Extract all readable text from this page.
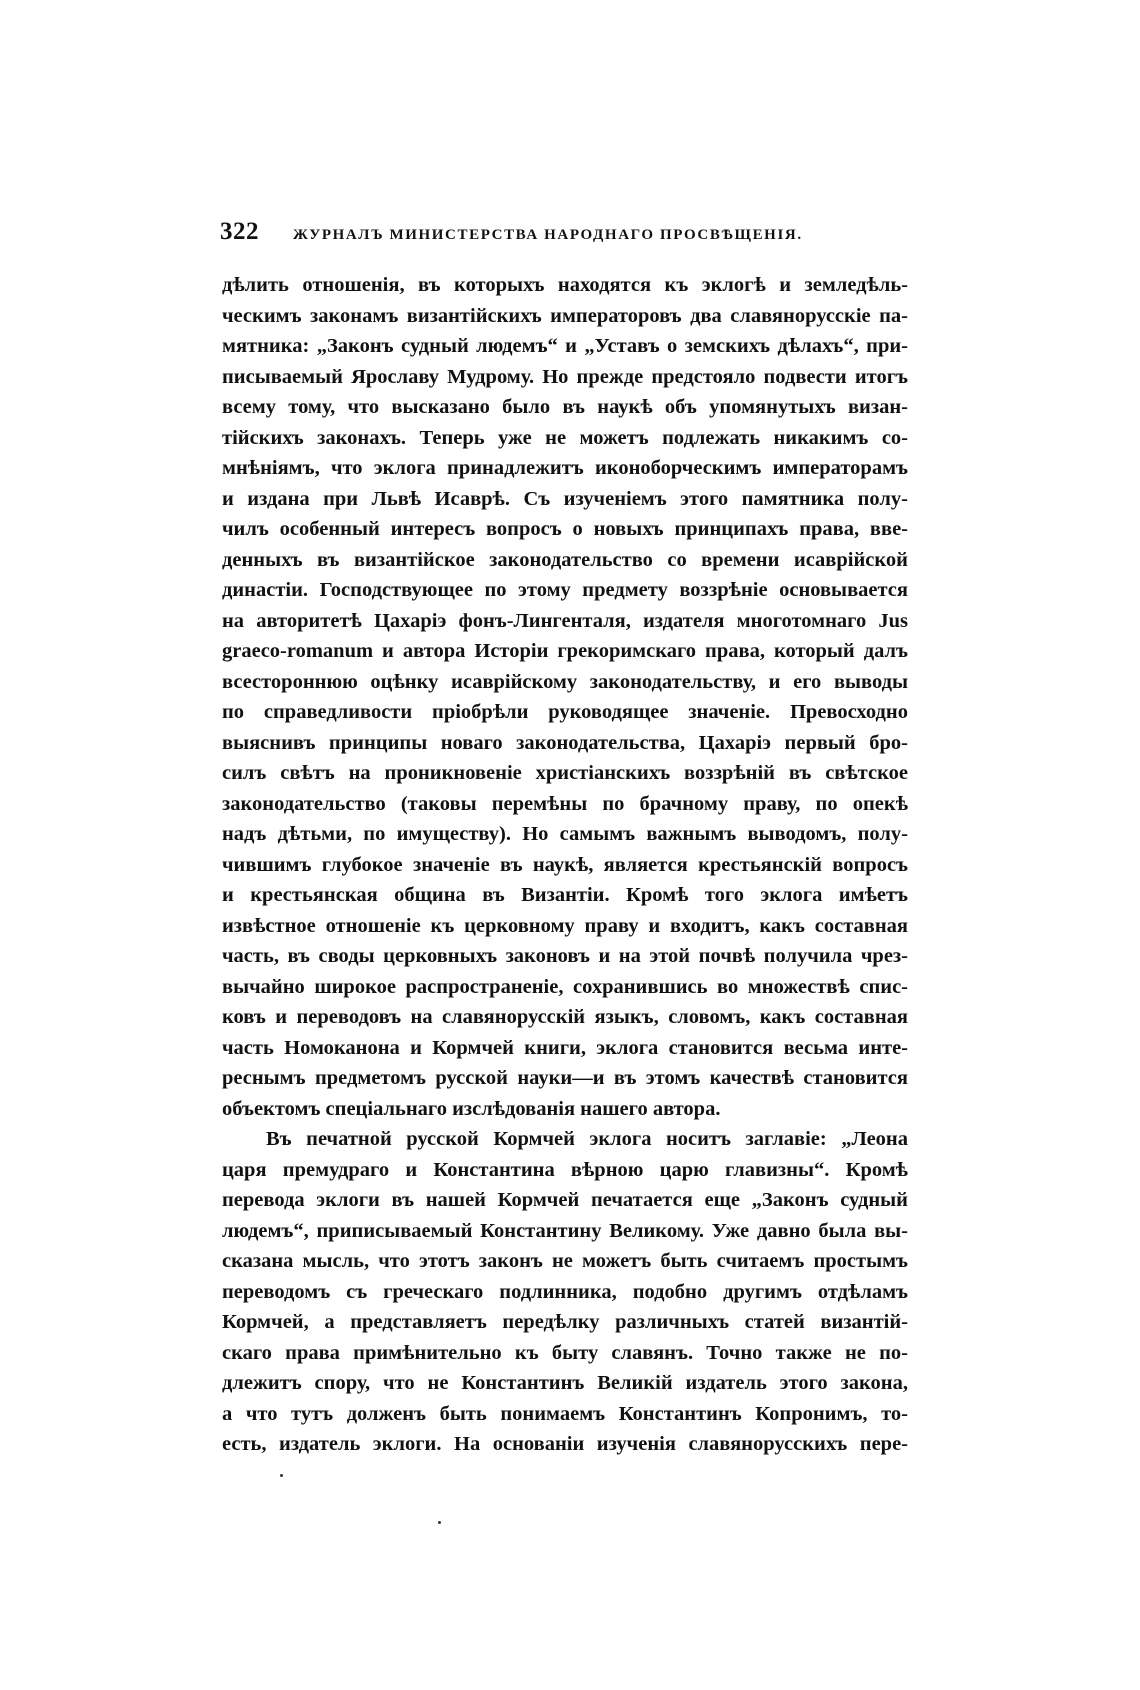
322 ЖУРНАЛЪ МИНИСТЕРСТВА НАРОДНАГО ПРОСВѢЩЕНІЯ.
дѣлить отношенія, въ которыхъ находятся къ эклогѣ и земледѣль-
ческимъ законамъ византійскихъ императоровъ два славянорусскіе па-
мятника: „Законъ судный людемъ“ и „Уставъ о земскихъ дѣлахъ“, при-
писываемый Ярославу Мудрому. Но прежде предстояло подвести итогъ
всему тому, что высказано было въ наукѣ объ упомянутыхъ визан-
тійскихъ законахъ. Теперь уже не можетъ подлежать никакимъ со-
мнѣніямъ, что эклога принадлежитъ иконоборческимъ императорамъ
и издана при Львѣ Исаврѣ. Съ изученіемъ этого памятника полу-
чилъ особенный интересъ вопросъ о новыхъ принципахъ права, вве-
денныхъ въ византійское законодательство со времени исаврійской
династіи. Господствующее по этому предмету воззрѣніе основывается
на авторитетѣ Цахаріэ фонъ-Лингенталя, издателя многотомнаго Jus
graeco-romanum и автора Исторіи грекоримскаго права, который далъ
всестороннюю оцѣнку исаврійскому законодательству, и его выводы
по справедливости пріобрѣли руководящее значеніе. Превосходно
выяснивъ принципы новаго законодательства, Цахаріэ первый бро-
силъ свѣтъ на проникновеніе христіанскихъ воззрѣній въ свѣтское
законодательство (таковы перемѣны по брачному праву, по опекѣ
надъ дѣтьми, по имуществу). Но самымъ важнымъ выводомъ, полу-
чившимъ глубокое значеніе въ наукѣ, является крестьянскій вопросъ
и крестьянская община въ Византіи. Кромѣ того эклога имѣетъ
извѣстное отношеніе къ церковному праву и входитъ, какъ составная
часть, въ своды церковныхъ законовъ и на этой почвѣ получила чрез-
вычайно широкое распространеніе, сохранившись во множествѣ спис-
ковъ и переводовъ на славянорусскій языкъ, словомъ, какъ составная
часть Номоканона и Кормчей книги, эклога становится весьма инте-
реснымъ предметомъ русской науки—и въ этомъ качествѣ становится
объектомъ спеціальнаго изслѣдованія нашего автора.
Въ печатной русской Кормчей эклога носитъ заглавіе: „Леона
царя премудраго и Константина вѣрною царю главизны“. Кромѣ
перевода эклоги въ нашей Кормчей печатается еще „Законъ судный
людемъ“, приписываемый Константину Великому. Уже давно была вы-
сказана мысль, что этотъ законъ не можетъ быть считаемъ простымъ
переводомъ съ греческаго подлинника, подобно другимъ отдѣламъ
Кормчей, а представляетъ передѣлку различныхъ статей византій-
скаго права примѣнительно къ быту славянъ. Точно также не по-
длежитъ спору, что не Константинъ Великій издатель этого закона,
а что тутъ долженъ быть понимаемъ Константинъ Копронимъ, то-
есть, издатель эклоги. На основаніи изученія славянорусскихъ пере-
